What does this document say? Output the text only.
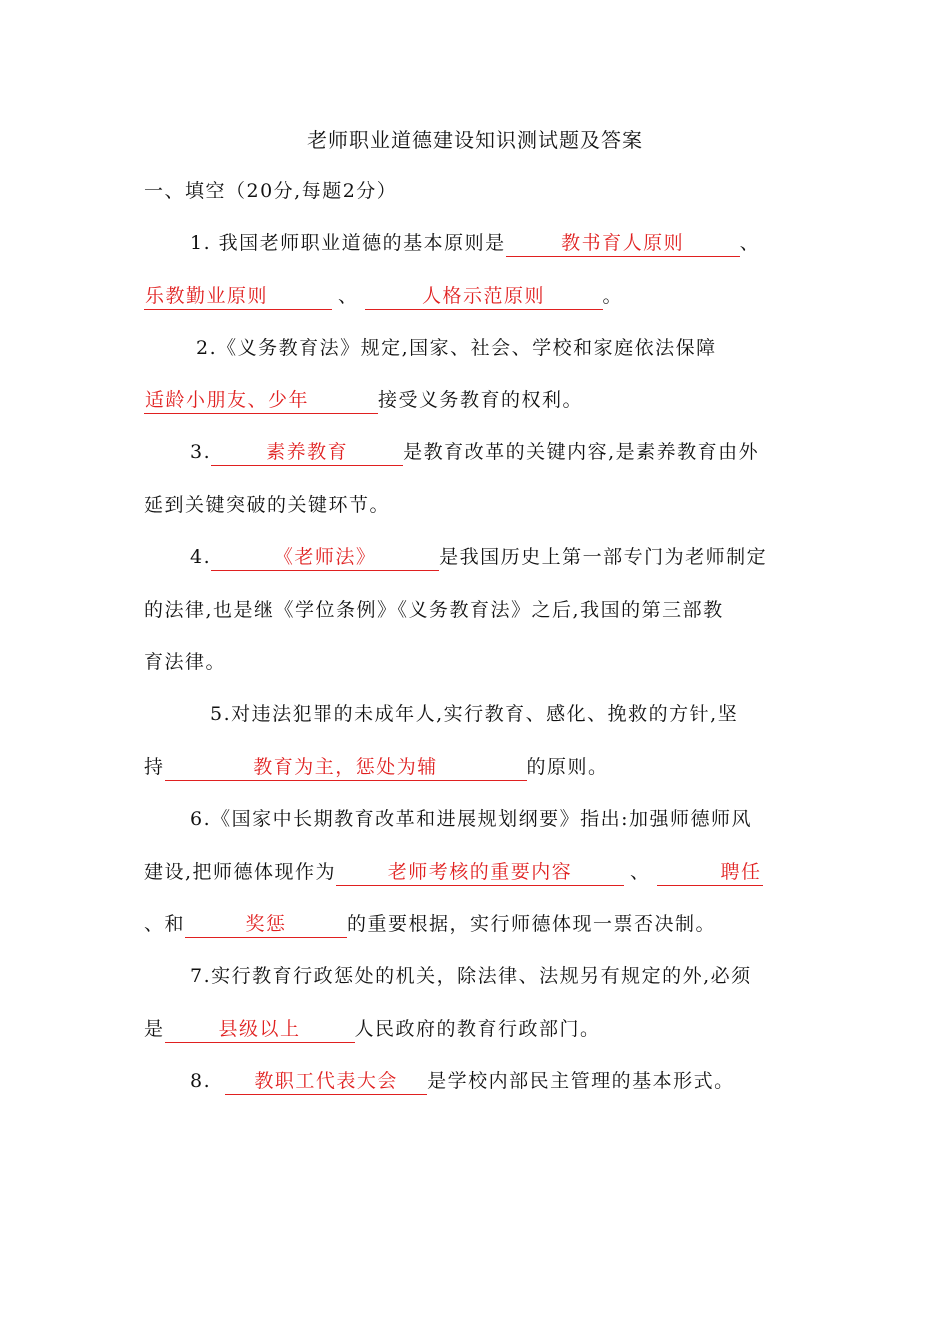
老师职业道德建设知识测试题及答案
一、填空（20分,每题2分）
1. 我国老师职业道德的基本原则是	教书育人原则	、
乐教勤业原则	、	人格示范原则	。
2.《义务教育法》规定,国家、社会、学校和家庭依法保障
适龄小朋友、少年	接受义务教育的权利。
3.	素养教育	是教育改革的关键内容,是素养教育由外
延到关键突破的关键环节。
4.	《老师法》	是我国历史上第一部专门为老师制定
的法律,也是继《学位条例》《义务教育法》之后,我国的第三部教
育法律。
5.对违法犯罪的未成年人,实行教育、感化、挽救的方针,坚
持	教育为主，惩处为辅	的原则。
6.《国家中长期教育改革和进展规划纲要》指出:加强师德师风
建设,把师德体现作为	老师考核的重要内容	、	聘任
、和	奖惩	的重要根据，实行师德体现一票否决制。
7.实行教育行政惩处的机关，除法律、法规另有规定的外,必须
是	县级以上	人民政府的教育行政部门。
8. 教职工代表大会 是学校内部民主管理的基本形式。
